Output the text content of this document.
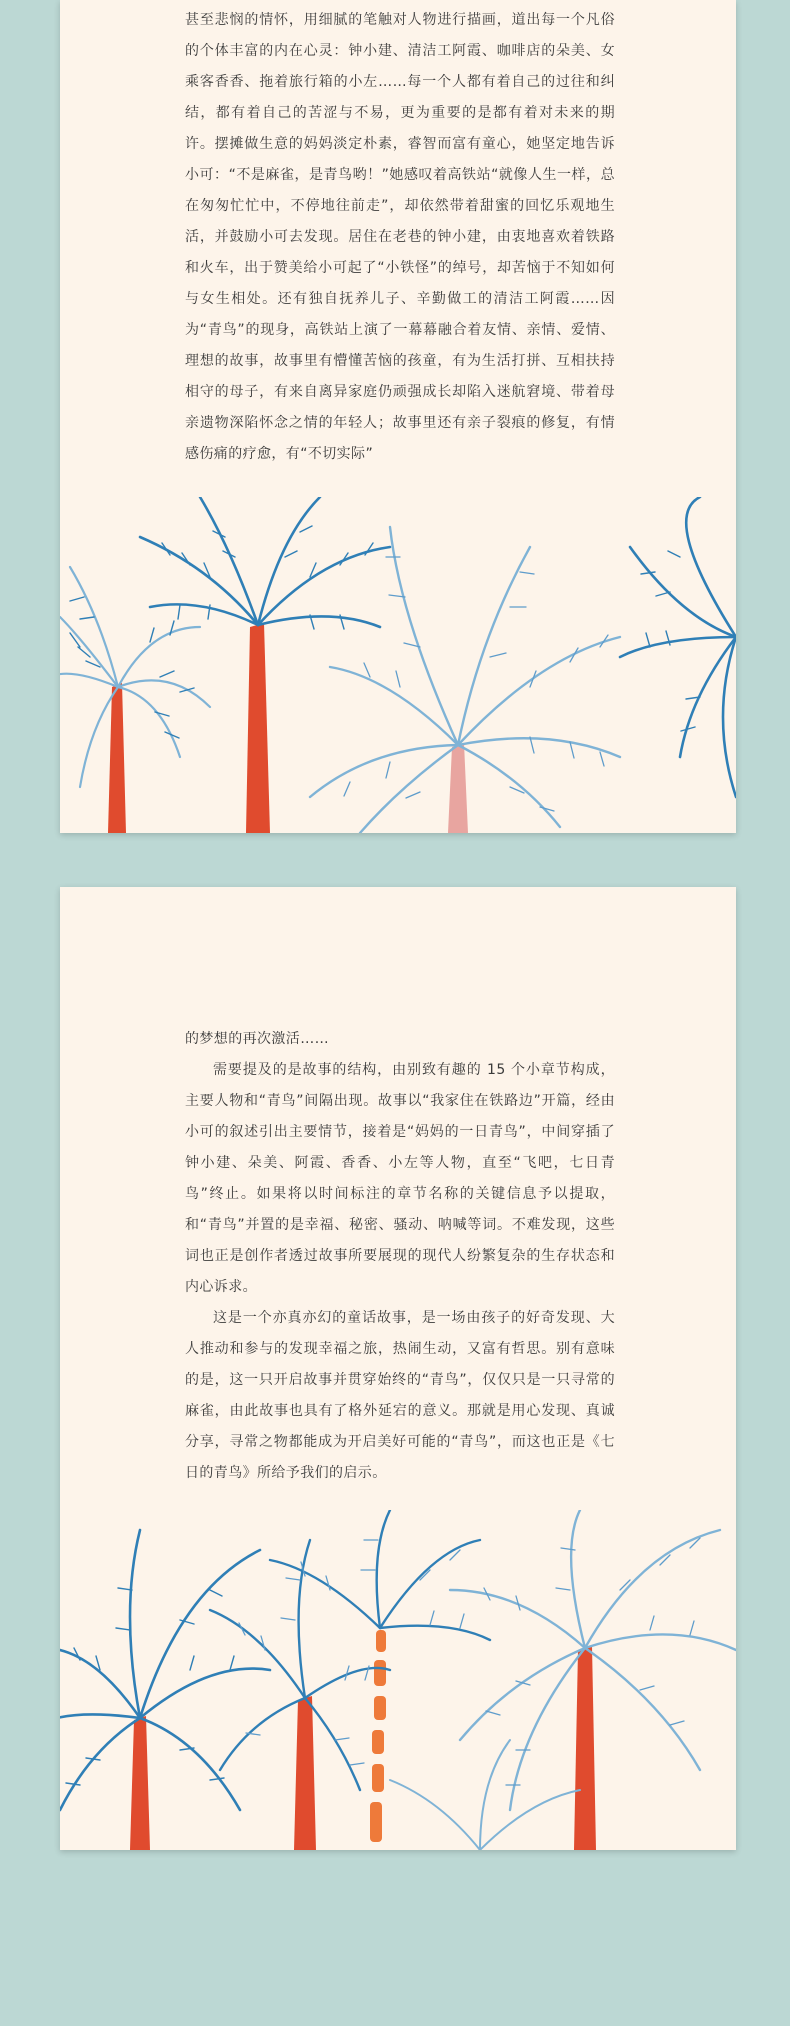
甚至悲悯的情怀，用细腻的笔触对人物进行描画，道出每一个凡俗的个体丰富的内在心灵：钟小建、清洁工阿霞、咖啡店的朵美、女乘客香香、拖着旅行箱的小左……每一个人都有着自己的过往和纠结，都有着自己的苦涩与不易，更为重要的是都有着对未来的期许。摆摊做生意的妈妈淡定朴素，睿智而富有童心，她坚定地告诉小可：“不是麻雀，是青鸟哟！”她感叹着高铁站“就像人生一样，总在匆匆忙忙中，不停地往前走”，却依然带着甜蜜的回忆乐观地生活，并鼓励小可去发现。居住在老巷的钟小建，由衷地喜欢着铁路和火车，出于赞美给小可起了“小铁怪”的绰号，却苦恼于不知如何与女生相处。还有独自抚养儿子、辛勤做工的清洁工阿霞……因为“青鸟”的现身，高铁站上演了一幕幕融合着友情、亲情、爱情、理想的故事，故事里有懵懂苦恼的孩童，有为生活打拼、互相扶持相守的母子，有来自离异家庭仍顽强成长却陷入迷航窘境、带着母亲遗物深陷怀念之情的年轻人；故事里还有亲子裂痕的修复，有情感伤痛的疗愈，有“不切实际”

的梦想的再次激活……

需要提及的是故事的结构，由别致有趣的 15 个小章节构成，主要人物和“青鸟”间隔出现。故事以“我家住在铁路边”开篇，经由小可的叙述引出主要情节，接着是“妈妈的一日青鸟”，中间穿插了钟小建、朵美、阿霞、香香、小左等人物，直至“飞吧，七日青鸟”终止。如果将以时间标注的章节名称的关键信息予以提取，和“青鸟”并置的是幸福、秘密、骚动、呐喊等词。不难发现，这些词也正是创作者透过故事所要展现的现代人纷繁复杂的生存状态和内心诉求。

这是一个亦真亦幻的童话故事，是一场由孩子的好奇发现、大人推动和参与的发现幸福之旅，热闹生动，又富有哲思。别有意味的是，这一只开启故事并贯穿始终的“青鸟”，仅仅只是一只寻常的麻雀，由此故事也具有了格外延宕的意义。那就是用心发现、真诚分享，寻常之物都能成为开启美好可能的“青鸟”，而这也正是《七日的青鸟》所给予我们的启示。
